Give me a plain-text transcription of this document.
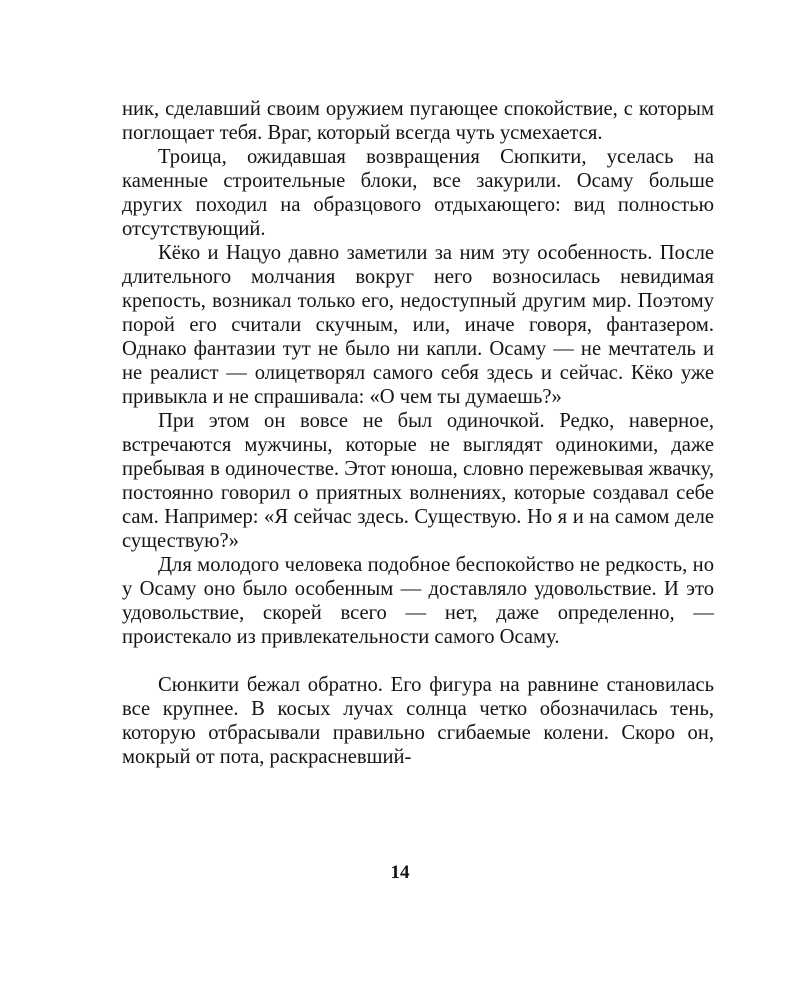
ник, сделавший своим оружием пугающее спокойствие, с которым поглощает тебя. Враг, который всегда чуть усмехается.

Троица, ожидавшая возвращения Сюпкити, уселась на каменные строительные блоки, все закурили. Осаму больше других походил на образцового отдыхающего: вид полностью отсутствующий.

Кёко и Нацуо давно заметили за ним эту особенность. После длительного молчания вокруг него возносилась невидимая крепость, возникал только его, недоступный другим мир. Поэтому порой его считали скучным, или, иначе говоря, фантазером. Однако фантазии тут не было ни капли. Осаму — не мечтатель и не реалист — олицетворял самого себя здесь и сейчас. Кёко уже привыкла и не спрашивала: «О чем ты думаешь?»

При этом он вовсе не был одиночкой. Редко, наверное, встречаются мужчины, которые не выглядят одинокими, даже пребывая в одиночестве. Этот юноша, словно пережевывая жвачку, постоянно говорил о приятных волнениях, которые создавал себе сам. Например: «Я сейчас здесь. Существую. Но я и на самом деле существую?»

Для молодого человека подобное беспокойство не редкость, но у Осаму оно было особенным — доставляло удовольствие. И это удовольствие, скорей всего — нет, даже определенно, — проистекало из привлекательности самого Осаму.

Сюнкити бежал обратно. Его фигура на равнине становилась все крупнее. В косых лучах солнца четко обозначилась тень, которую отбрасывали правильно сгибаемые колени. Скоро он, мокрый от пота, раскрасневший-

14
